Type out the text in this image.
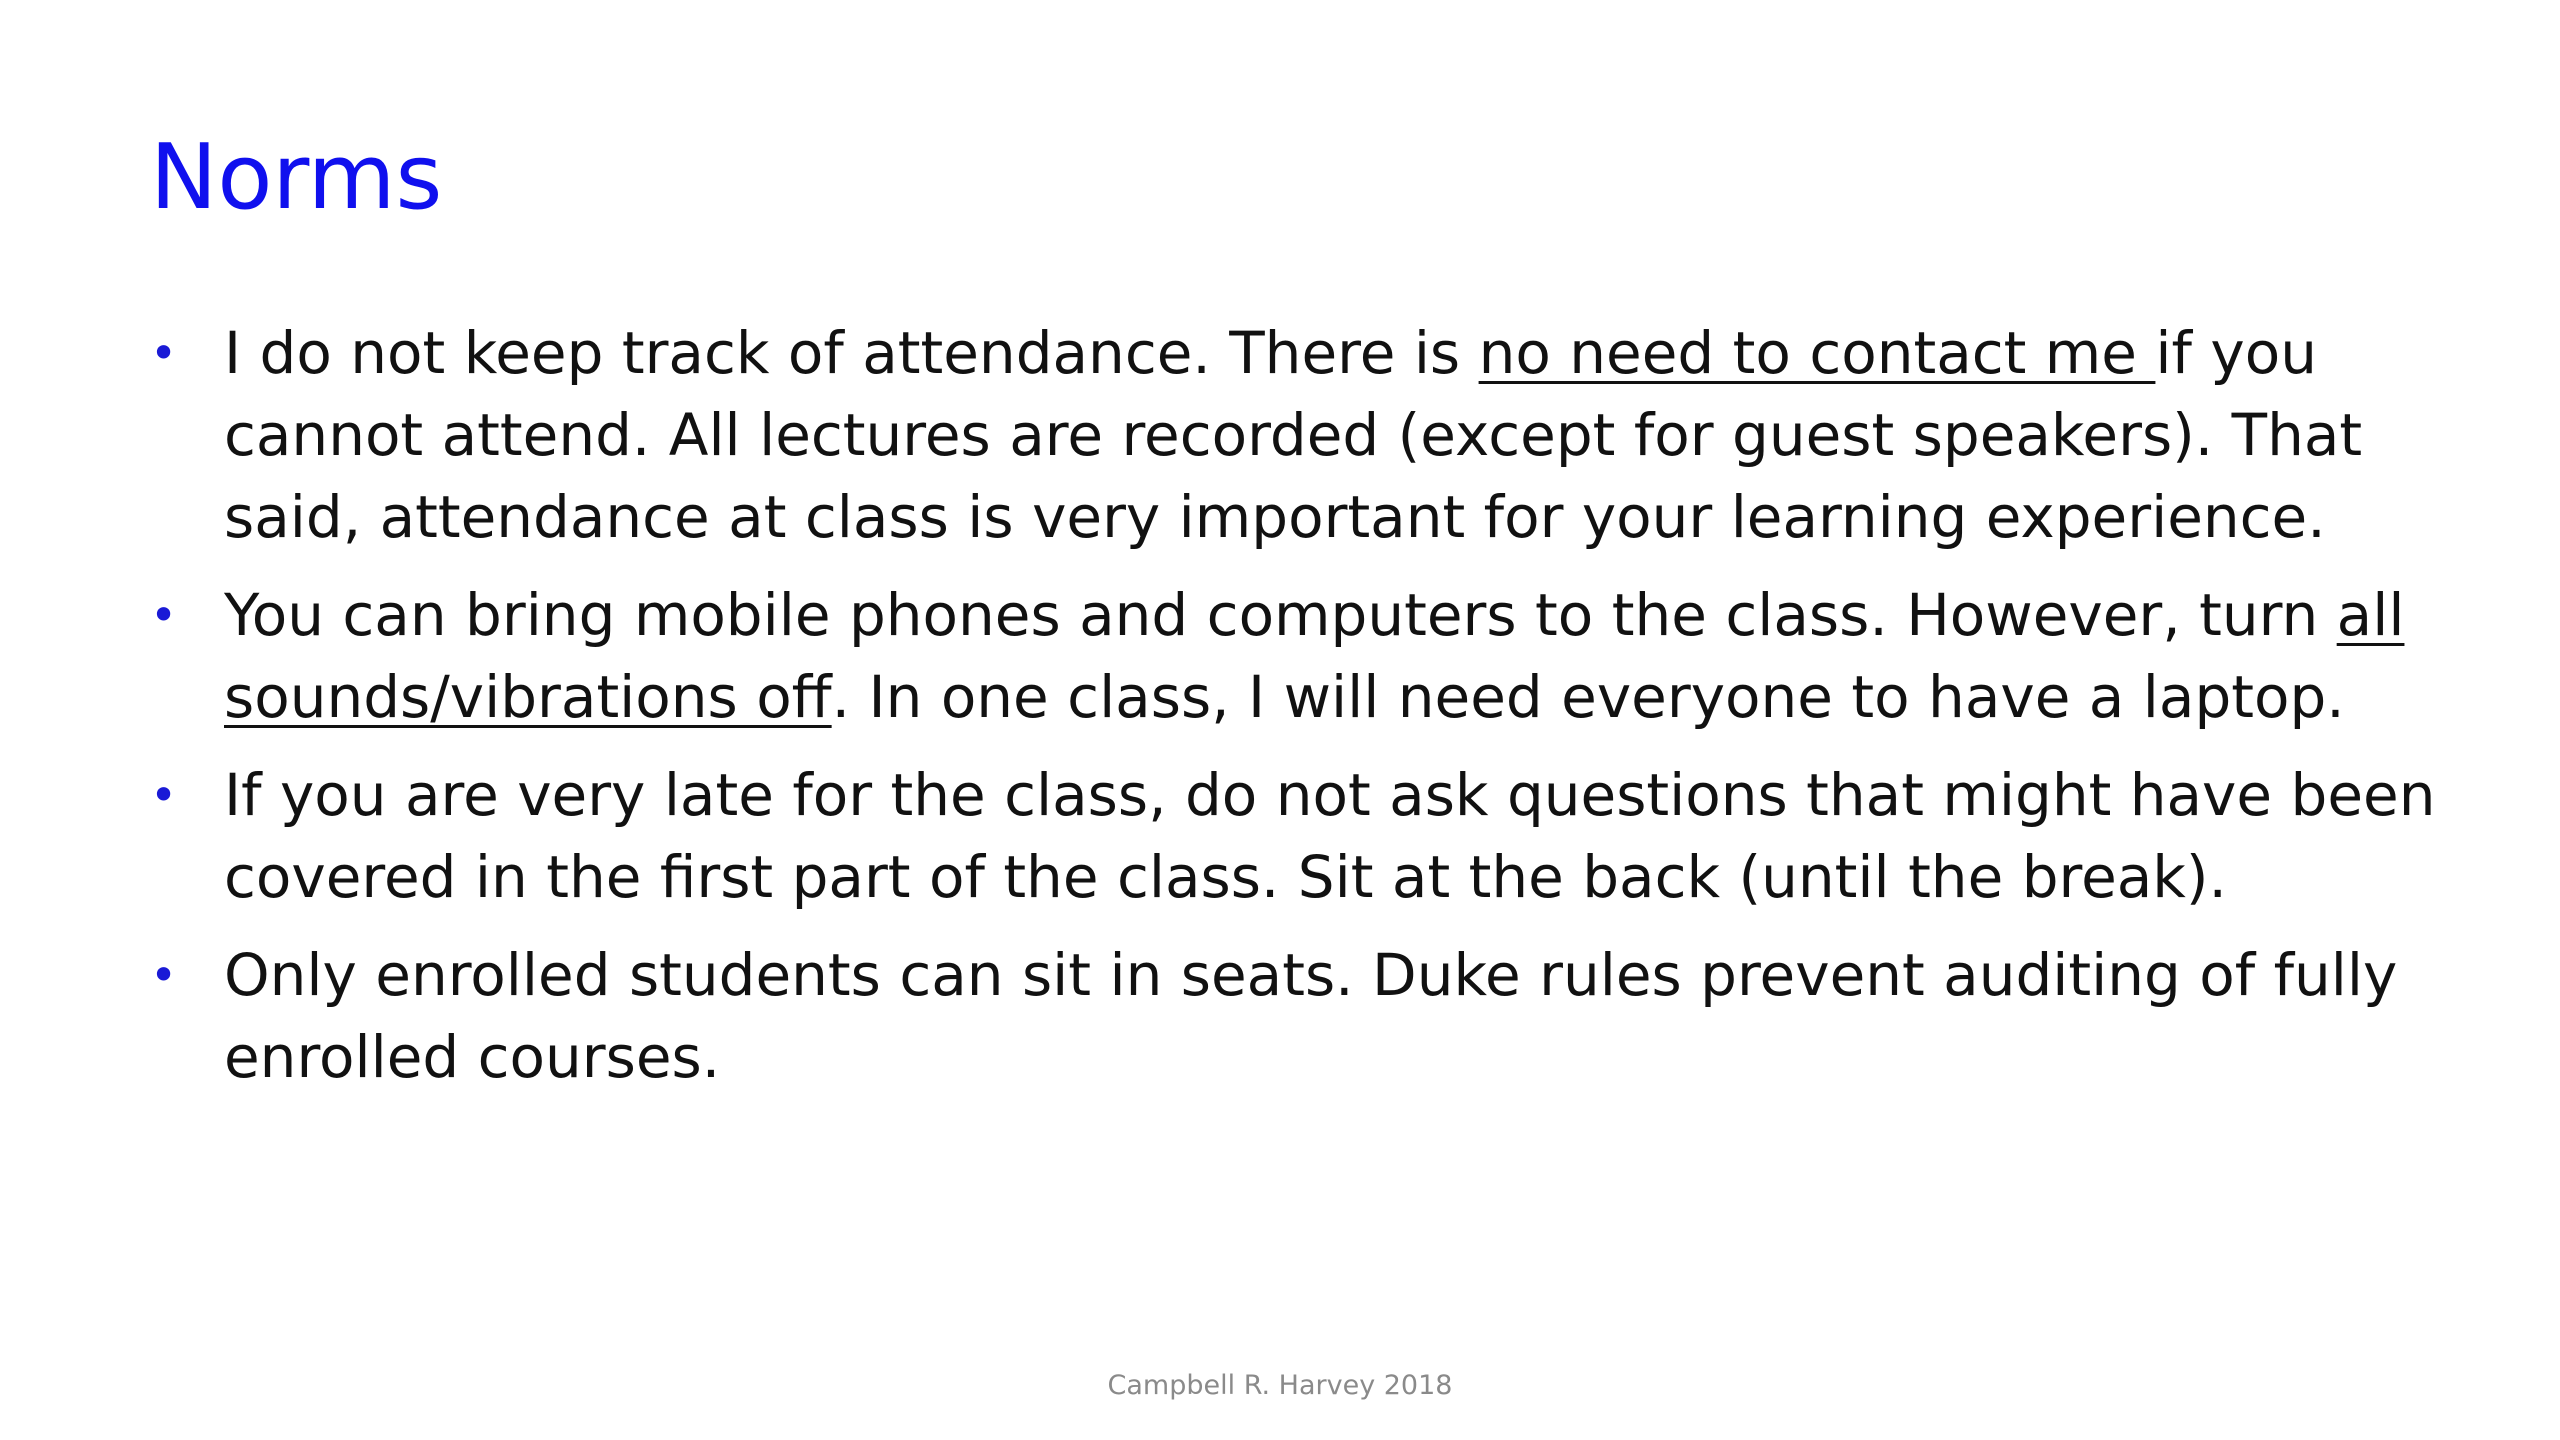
Norms
• I do not keep track of attendance. There is no need to contact me if you cannot attend. All lectures are recorded (except for guest speakers). That said, attendance at class is very important for your learning experience.
• You can bring mobile phones and computers to the class. However, turn all sounds/vibrations off. In one class, I will need everyone to have a laptop.
• If you are very late for the class, do not ask questions that might have been covered in the first part of the class. Sit at the back (until the break).
• Only enrolled students can sit in seats. Duke rules prevent auditing of fully enrolled courses.
Campbell R. Harvey 2018
